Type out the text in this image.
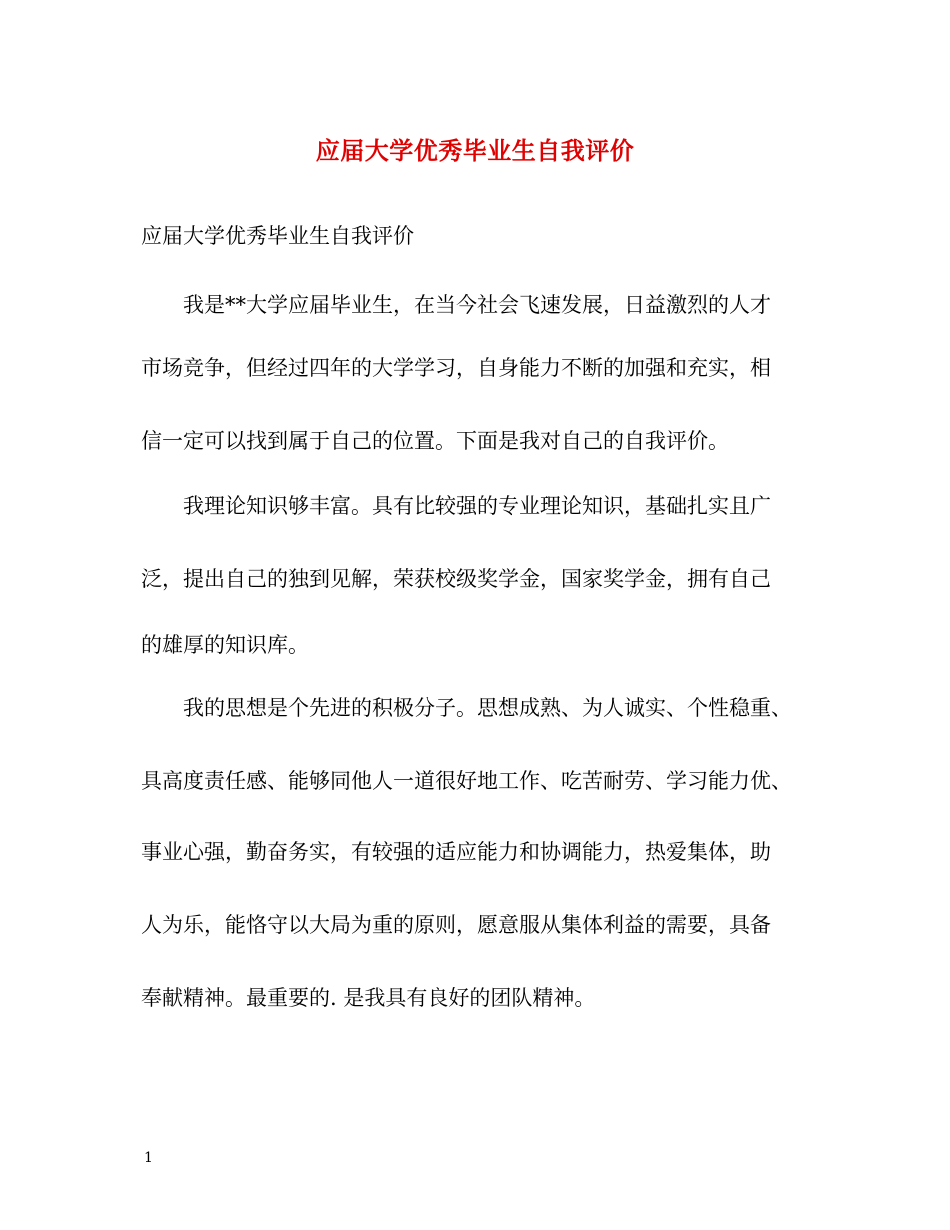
应届大学优秀毕业生自我评价
应届大学优秀毕业生自我评价
我是**大学应届毕业生，在当今社会飞速发展，日益激烈的人才
市场竞争，但经过四年的大学学习，自身能力不断的加强和充实，相
信一定可以找到属于自己的位置。下面是我对自己的自我评价。
我理论知识够丰富。具有比较强的专业理论知识，基础扎实且广
泛，提出自己的独到见解，荣获校级奖学金，国家奖学金，拥有自己
的雄厚的知识库。
我的思想是个先进的积极分子。思想成熟、为人诚实、个性稳重、
具高度责任感、能够同他人一道很好地工作、吃苦耐劳、学习能力优、
事业心强，勤奋务实，有较强的适应能力和协调能力，热爱集体，助
人为乐，能恪守以大局为重的原则，愿意服从集体利益的需要，具备
奉献精神。最重要的. 是我具有良好的团队精神。
1
